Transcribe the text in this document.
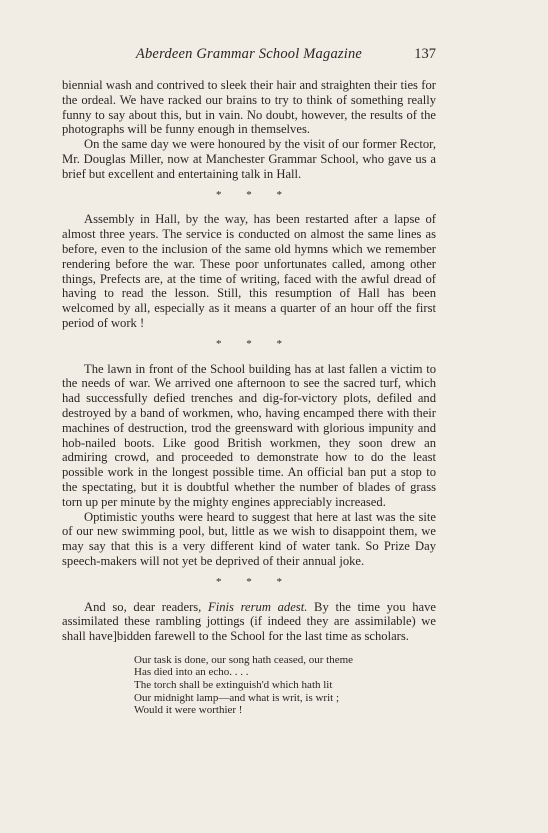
Aberdeen Grammar School Magazine	137

biennial wash and contrived to sleek their hair and straighten their ties for the ordeal. We have racked our brains to try to think of something really funny to say about this, but in vain. No doubt, however, the results of the photographs will be funny enough in themselves.

On the same day we were honoured by the visit of our former Rector, Mr. Douglas Miller, now at Manchester Grammar School, who gave us a brief but excellent and entertaining talk in Hall.

* * *

Assembly in Hall, by the way, has been restarted after a lapse of almost three years. The service is conducted on almost the same lines as before, even to the inclusion of the same old hymns which we remember rendering before the war. These poor unfortunates called, among other things, Prefects are, at the time of writing, faced with the awful dread of having to read the lesson. Still, this resumption of Hall has been welcomed by all, especially as it means a quarter of an hour off the first period of work !

* * *

The lawn in front of the School building has at last fallen a victim to the needs of war. We arrived one afternoon to see the sacred turf, which had successfully defied trenches and dig-for-victory plots, defiled and destroyed by a band of workmen, who, having encamped there with their machines of destruction, trod the greensward with glorious impunity and hob-nailed boots. Like good British workmen, they soon drew an admiring crowd, and proceeded to demonstrate how to do the least possible work in the longest possible time. An official ban put a stop to the spectating, but it is doubtful whether the number of blades of grass torn up per minute by the mighty engines appreciably increased.

Optimistic youths were heard to suggest that here at last was the site of our new swimming pool, but, little as we wish to disappoint them, we may say that this is a very different kind of water tank. So Prize Day speech-makers will not yet be deprived of their annual joke.

* * *

And so, dear readers, Finis rerum adest. By the time you have assimilated these rambling jottings (if indeed they are assimilable) we shall have]bidden farewell to the School for the last time as scholars.

Our task is done, our song hath ceased, our theme
Has died into an echo. . . .
The torch shall be extinguish'd which hath lit
Our midnight lamp—and what is writ, is writ ;
Would it were worthier !
